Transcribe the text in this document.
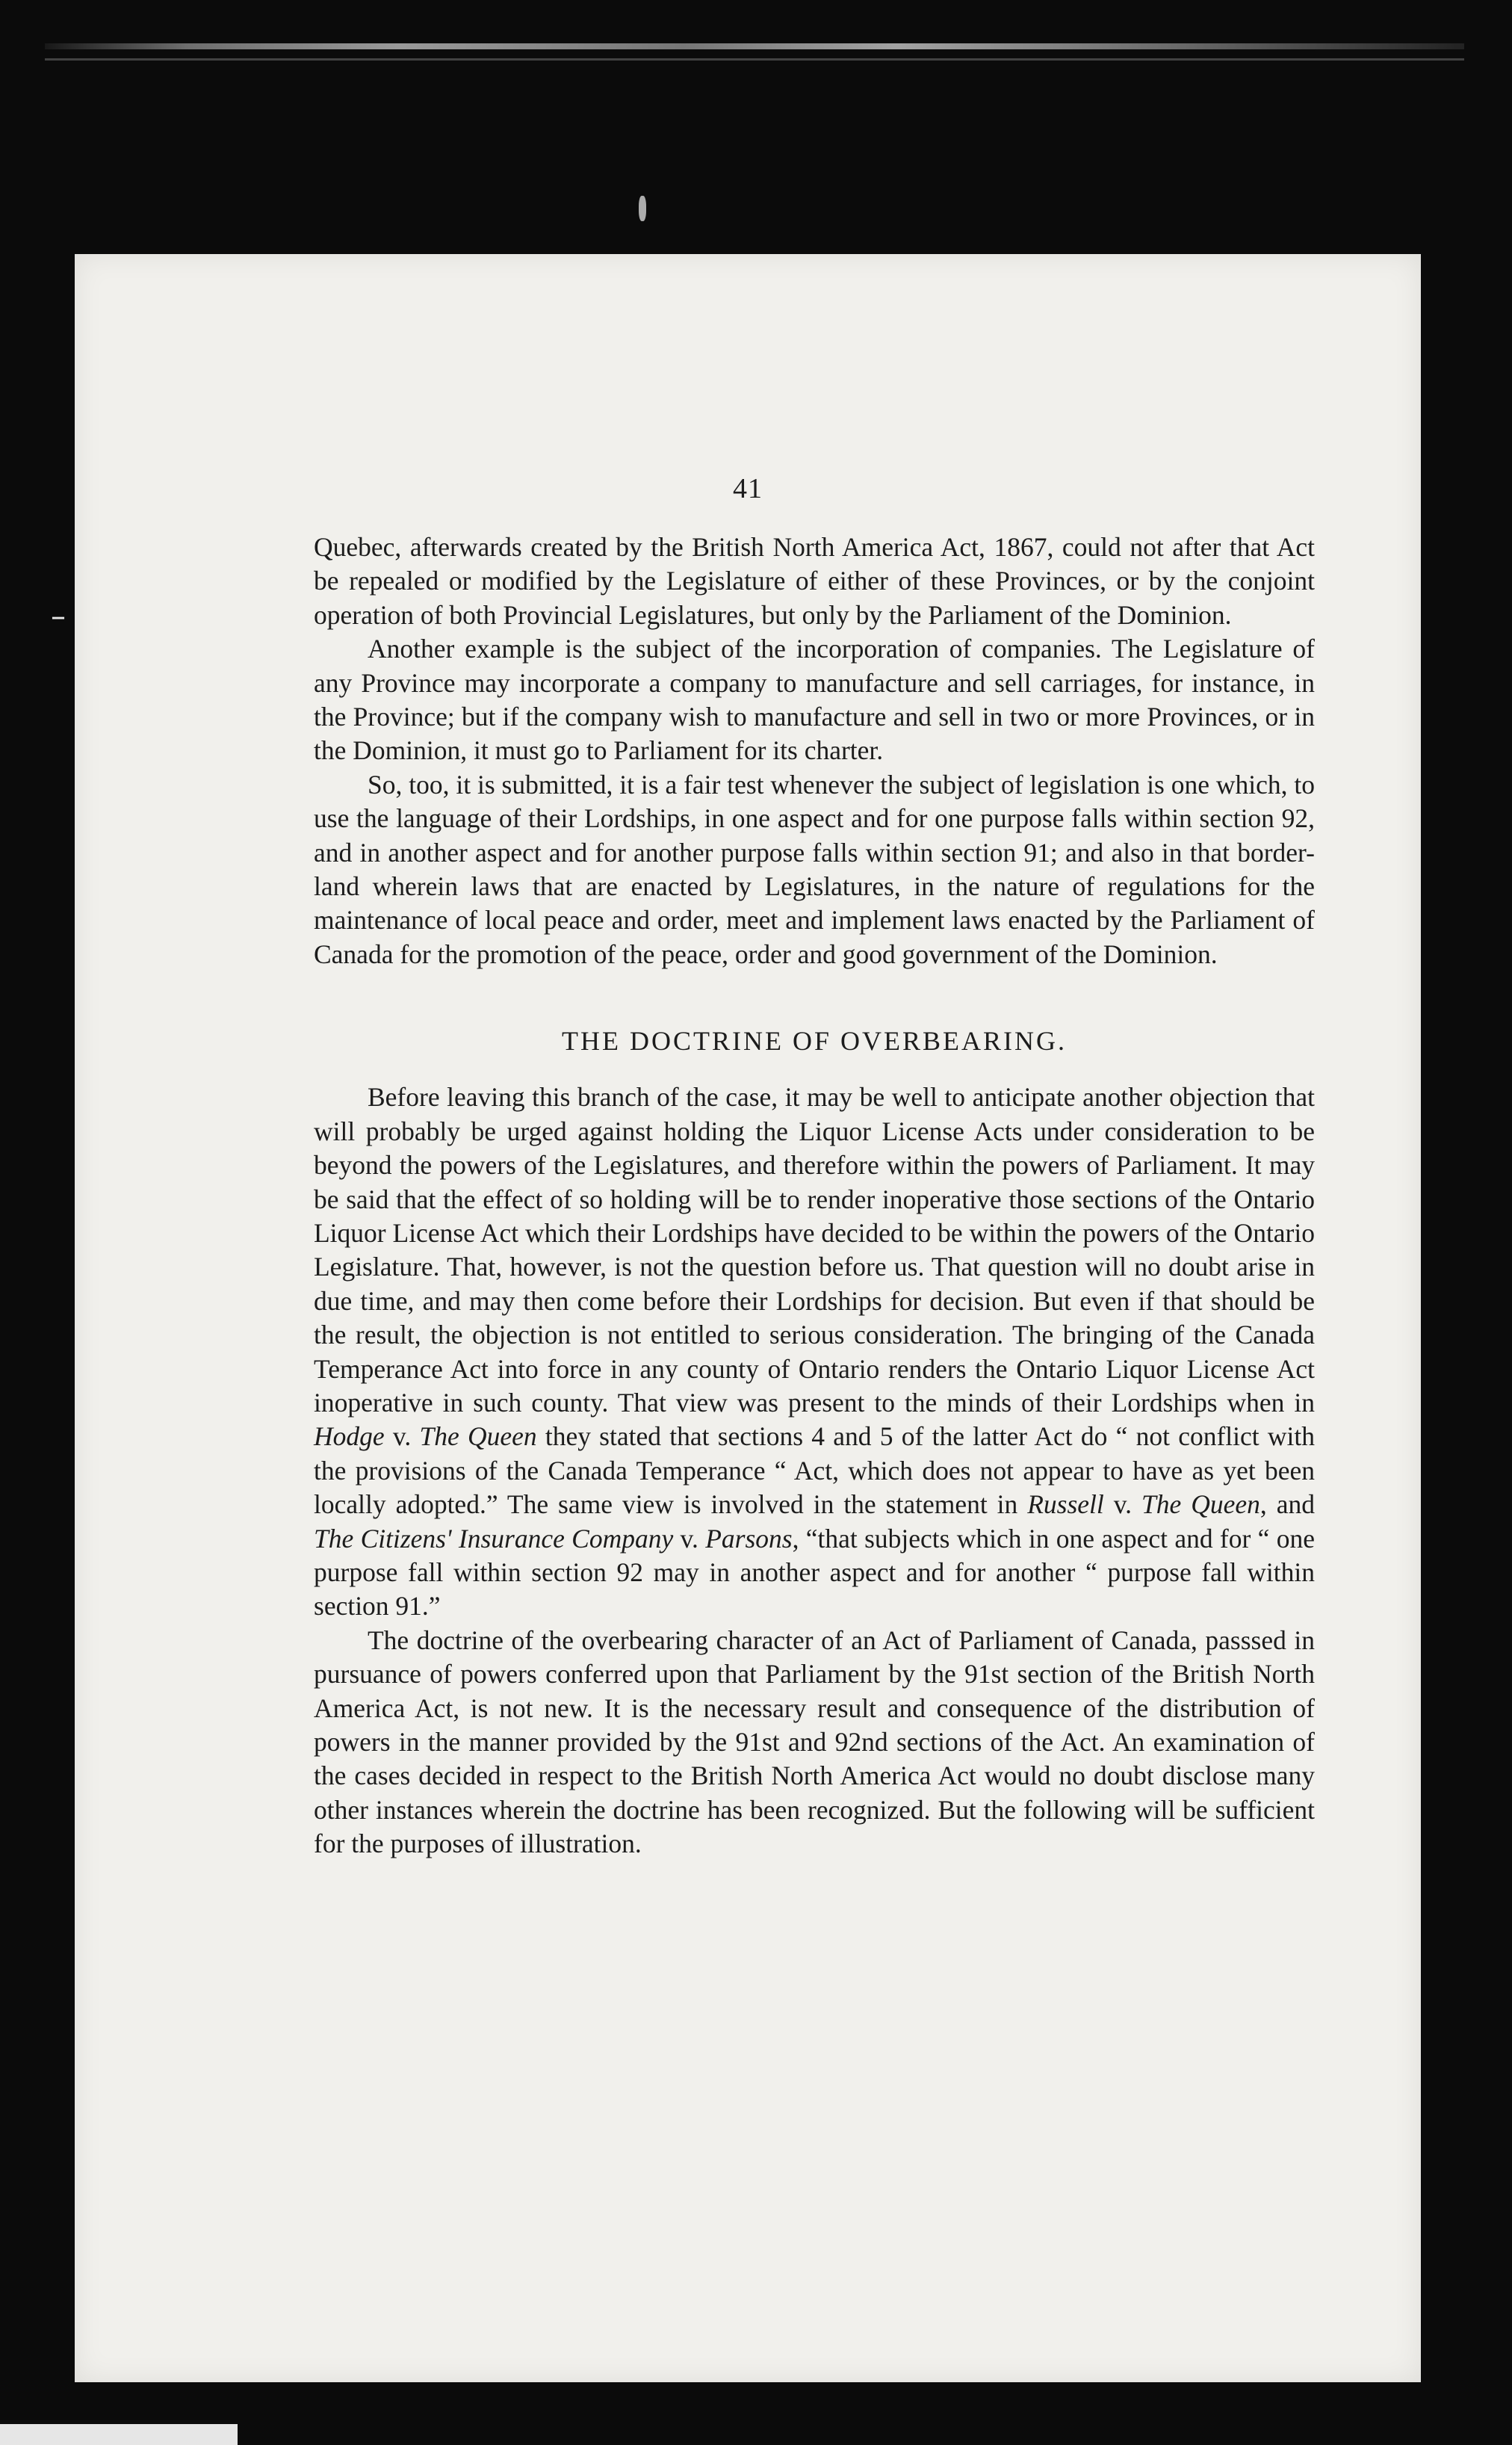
–
41

Quebec, afterwards created by the British North America Act, 1867, could not after that Act be repealed or modified by the Legislature of either of these Provinces, or by the conjoint operation of both Provincial Legislatures, but only by the Parliament of the Dominion.

Another example is the subject of the incorporation of companies. The Legislature of any Province may incorporate a company to manufacture and sell carriages, for instance, in the Province; but if the company wish to manufacture and sell in two or more Provinces, or in the Dominion, it must go to Parliament for its charter.

So, too, it is submitted, it is a fair test whenever the subject of legislation is one which, to use the language of their Lordships, in one aspect and for one purpose falls within section 92, and in another aspect and for another purpose falls within section 91; and also in that border-land wherein laws that are enacted by Legislatures, in the nature of regulations for the maintenance of local peace and order, meet and implement laws enacted by the Parliament of Canada for the promotion of the peace, order and good government of the Dominion.

THE DOCTRINE OF OVERBEARING.

Before leaving this branch of the case, it may be well to anticipate another objection that will probably be urged against holding the Liquor License Acts under consideration to be beyond the powers of the Legislatures, and therefore within the powers of Parliament. It may be said that the effect of so holding will be to render inoperative those sections of the Ontario Liquor License Act which their Lordships have decided to be within the powers of the Ontario Legislature. That, however, is not the question before us. That question will no doubt arise in due time, and may then come before their Lordships for decision. But even if that should be the result, the objection is not entitled to serious consideration. The bringing of the Canada Temperance Act into force in any county of Ontario renders the Ontario Liquor License Act inoperative in such county. That view was present to the minds of their Lordships when in Hodge v. The Queen they stated that sections 4 and 5 of the latter Act do “ not conflict with the provisions of the Canada Temperance “ Act, which does not appear to have as yet been locally adopted.” The same view is involved in the statement in Russell v. The Queen, and The Citizens' Insurance Company v. Parsons, “that subjects which in one aspect and for “ one purpose fall within section 92 may in another aspect and for another “ purpose fall within section 91.”

The doctrine of the overbearing character of an Act of Parliament of Canada, passsed in pursuance of powers conferred upon that Parliament by the 91st section of the British North America Act, is not new. It is the necessary result and consequence of the distribution of powers in the manner provided by the 91st and 92nd sections of the Act. An examination of the cases decided in respect to the British North America Act would no doubt disclose many other instances wherein the doctrine has been recognized. But the following will be sufficient for the purposes of illustration.
